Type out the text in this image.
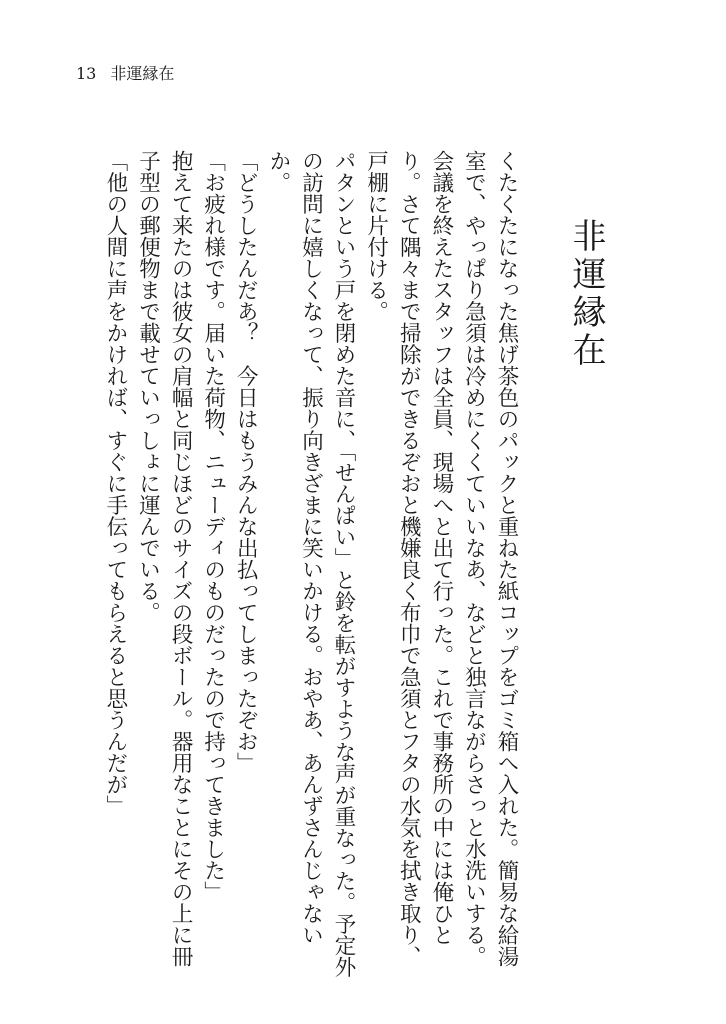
13 非運縁在
非運縁在

くたくたになった焦げ茶色のパックと重ねた紙コップをゴミ箱へ入れた。簡易な給湯室で、やっぱり急須は冷めにくくていいなあ、などと独言ながらさっと水洗いする。

会議を終えたスタッフは全員、現場へと出て行った。これで事務所の中には俺ひとり。さて隅々まで掃除ができるぞおと機嫌良く布巾で急須とフタの水気を拭き取り、戸棚に片付ける。

パタンという戸を閉めた音に、「せんぱい」と鈴を転がすような声が重なった。予定外の訪問に嬉しくなって、振り向きざまに笑いかける。おやあ、あんずさんじゃないか。

「どうしたんだあ？　今日はもうみんな出払ってしまったぞお」

「お疲れ様です。届いた荷物、ニューディのものだったので持ってきました」

抱えて来たのは彼女の肩幅と同じほどのサイズの段ボール。器用なことにその上に冊子型の郵便物まで載せていっしょに運んでいる。

「他の人間に声をかければ、すぐに手伝ってもらえると思うんだが」
